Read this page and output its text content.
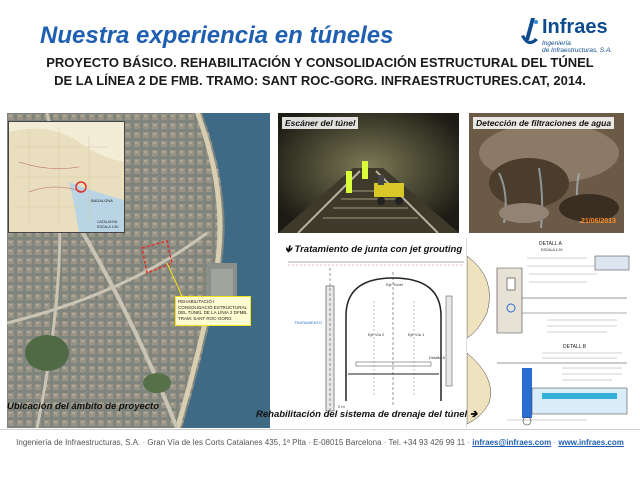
Nuestra experiencia en túneles	Infraes
Ingeniería
de Infraestructuras, S.A.
PROYECTO BÁSICO. REHABILITACIÓN Y CONSOLIDACIÓN ESTRUCTURAL DEL TÚNEL
DE LA LÍNEA 2 DE FMB. TRAMO: SANT ROC-GORG. INFRAESTRUCTURES.CAT, 2014.
REHABILITACIÓ I CONSOLIDACIÓ ESTRUCTURAL
DEL TÚNEL DE LA LÍNIA 2 DFMB.
TRAM: SANT ROC-GORG
BADALONA
CATALUNYA
ESCALA 1:50
Escáner del túnel	Detección de filtraciones de agua
21/06/2013
🡻 Tratamiento de junta con jet grouting
TRATAMIENTO
Eje Túnel
Eje Vía 2	Eje Vía 1
Detalle A
2 m
DETALL A
ESCALA 1:20
DETALL B
Ubicación del ámbito de proyecto
Rehabilitación del sistema de drenaje del túnel 🡺
Ingeniería de Infraestructuras, S.A. · Gran Vía de les Corts Catalanes 435, 1ª Plta · E-08015 Barcelona · Tel. +34 93 426 99 11 · infraes@infraes.com · www.infraes.com
